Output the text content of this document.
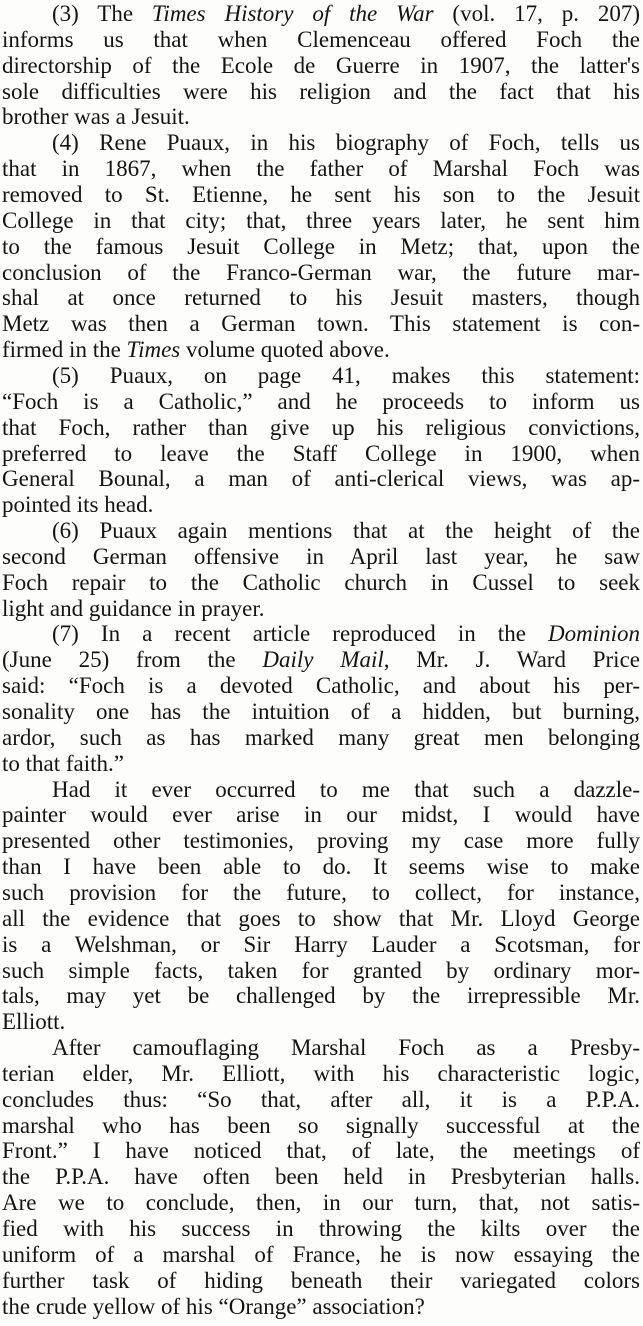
(3) The Times History of the War (vol. 17, p. 207)
informs us that when Clemenceau offered Foch the
directorship of the Ecole de Guerre in 1907, the latter's
sole difficulties were his religion and the fact that his
brother was a Jesuit.
(4) Rene Puaux, in his biography of Foch, tells us
that in 1867, when the father of Marshal Foch was
removed to St. Etienne, he sent his son to the Jesuit
College in that city; that, three years later, he sent him
to the famous Jesuit College in Metz; that, upon the
conclusion of the Franco-German war, the future mar-
shal at once returned to his Jesuit masters, though
Metz was then a German town. This statement is con-
firmed in the Times volume quoted above.
(5) Puaux, on page 41, makes this statement:
“Foch is a Catholic,” and he proceeds to inform us
that Foch, rather than give up his religious convictions,
preferred to leave the Staff College in 1900, when
General Bounal, a man of anti-clerical views, was ap-
pointed its head.
(6) Puaux again mentions that at the height of the
second German offensive in April last year, he saw
Foch repair to the Catholic church in Cussel to seek
light and guidance in prayer.
(7) In a recent article reproduced in the Dominion
(June 25) from the Daily Mail, Mr. J. Ward Price
said: “Foch is a devoted Catholic, and about his per-
sonality one has the intuition of a hidden, but burning,
ardor, such as has marked many great men belonging
to that faith.”
Had it ever occurred to me that such a dazzle-
painter would ever arise in our midst, I would have
presented other testimonies, proving my case more fully
than I have been able to do. It seems wise to make
such provision for the future, to collect, for instance,
all the evidence that goes to show that Mr. Lloyd George
is a Welshman, or Sir Harry Lauder a Scotsman, for
such simple facts, taken for granted by ordinary mor-
tals, may yet be challenged by the irrepressible Mr.
Elliott.
After camouflaging Marshal Foch as a Presby-
terian elder, Mr. Elliott, with his characteristic logic,
concludes thus: “So that, after all, it is a P.P.A.
marshal who has been so signally successful at the
Front.” I have noticed that, of late, the meetings of
the P.P.A. have often been held in Presbyterian halls.
Are we to conclude, then, in our turn, that, not satis-
fied with his success in throwing the kilts over the
uniform of a marshal of France, he is now essaying the
further task of hiding beneath their variegated colors
the crude yellow of his “Orange” association?
